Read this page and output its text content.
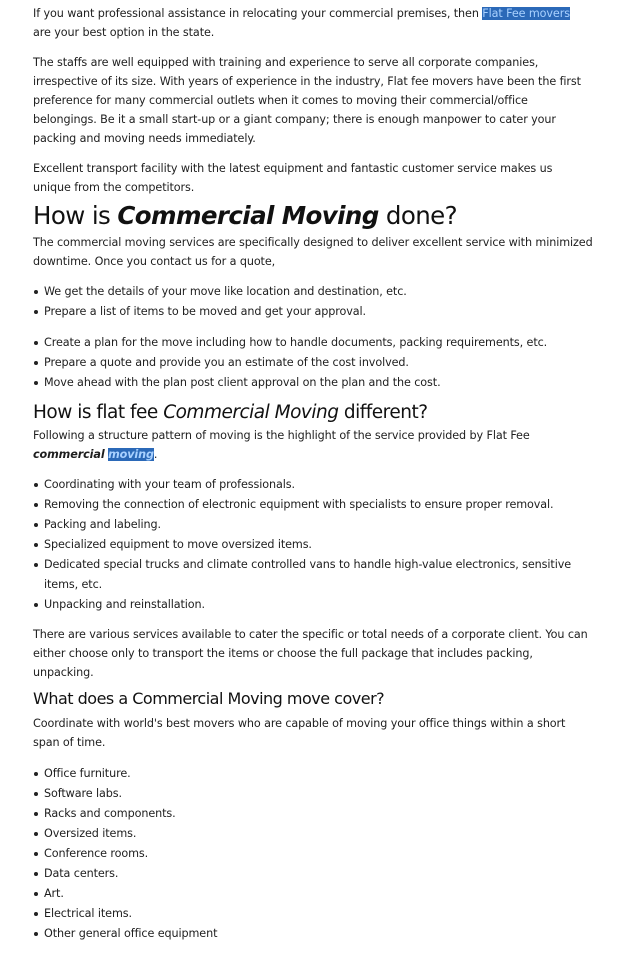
If you want professional assistance in relocating your commercial premises, then Flat Fee movers
are your best option in the state.

The staffs are well equipped with training and experience to serve all corporate companies, irrespective of its size. With years of experience in the industry, Flat fee movers have been the first preference for many commercial outlets when it comes to moving their commercial/office belongings. Be it a small start-up or a giant company; there is enough manpower to cater your packing and moving needs immediately.

Excellent transport facility with the latest equipment and fantastic customer service makes us unique from the competitors.

How is Commercial Moving done?

The commercial moving services are specifically designed to deliver excellent service with minimized downtime. Once you contact us for a quote,

We get the details of your move like location and destination, etc.
Prepare a list of items to be moved and get your approval.
Create a plan for the move including how to handle documents, packing requirements, etc.
Prepare a quote and provide you an estimate of the cost involved.
Move ahead with the plan post client approval on the plan and the cost.
How is flat fee Commercial Moving different?

Following a structure pattern of moving is the highlight of the service provided by Flat Fee
commercial moving.

Coordinating with your team of professionals.
Removing the connection of electronic equipment with specialists to ensure proper removal.
Packing and labeling.
Specialized equipment to move oversized items.
Dedicated special trucks and climate controlled vans to handle high-value electronics, sensitive items, etc.
Unpacking and reinstallation.

There are various services available to cater the specific or total needs of a corporate client. You can either choose only to transport the items or choose the full package that includes packing, unpacking.

What does a Commercial Moving move cover?

Coordinate with world's best movers who are capable of moving your office things within a short span of time.

Office furniture.
Software labs.
Racks and components.
Oversized items.
Conference rooms.
Data centers.
Art.
Electrical items.
Other general office equipment
